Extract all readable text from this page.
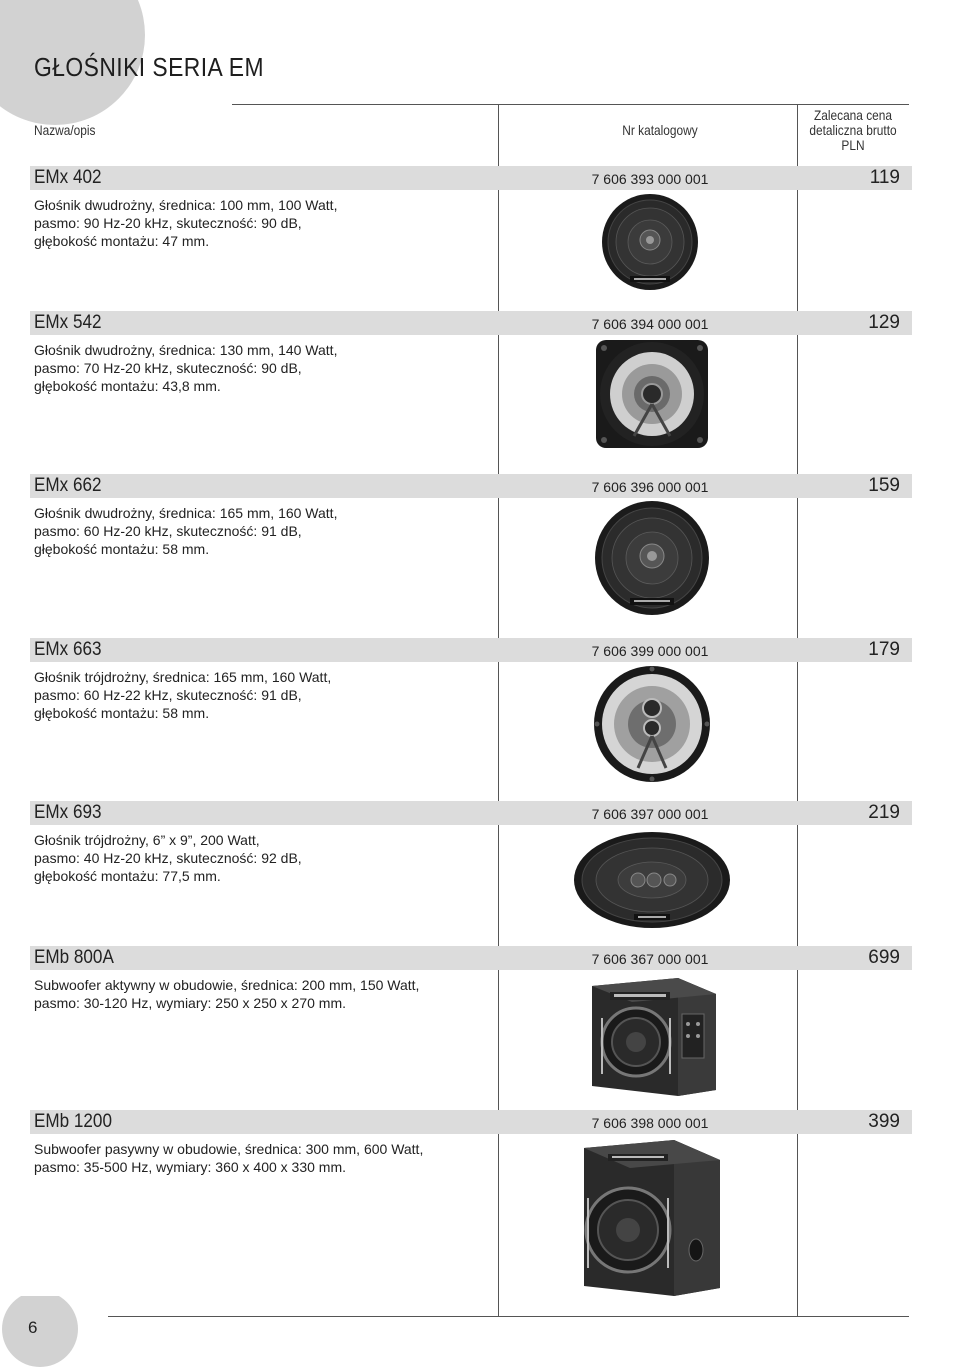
GŁOŚNIKI SERIA EM
Nazwa/opis	Nr katalogowy
Zalecana cena
detaliczna brutto
PLN
EMx 402	7 606 393 000 001	119
Głośnik dwudrożny, średnica: 100 mm, 100 Watt,
pasmo: 90 Hz-20 kHz, skuteczność: 90 dB,
głębokość montażu: 47 mm.
EMx 542	7 606 394 000 001	129
Głośnik dwudrożny, średnica: 130 mm, 140 Watt,
pasmo: 70 Hz-20 kHz, skuteczność: 90 dB,
głębokość montażu: 43,8 mm.
EMx 662	7 606 396 000 001	159
Głośnik dwudrożny, średnica: 165 mm, 160 Watt,
pasmo: 60 Hz-20 kHz, skuteczność: 91 dB,
głębokość montażu: 58 mm.
EMx 663	7 606 399 000 001	179
Głośnik trójdrożny, średnica: 165 mm, 160 Watt,
pasmo: 60 Hz-22 kHz, skuteczność: 91 dB,
głębokość montażu: 58 mm.
EMx 693	7 606 397 000 001	219
Głośnik trójdrożny, 6” x 9”, 200 Watt,
pasmo: 40 Hz-20 kHz, skuteczność: 92 dB,
głębokość montażu: 77,5 mm.
EMb 800A	7 606 367 000 001	699
Subwoofer aktywny w obudowie, średnica: 200 mm, 150 Watt,
pasmo: 30-120 Hz, wymiary: 250 x 250 x 270 mm.
EMb 1200	7 606 398 000 001	399
Subwoofer pasywny w obudowie, średnica: 300 mm, 600 Watt,
pasmo: 35-500 Hz, wymiary: 360 x 400 x 330 mm.
6
